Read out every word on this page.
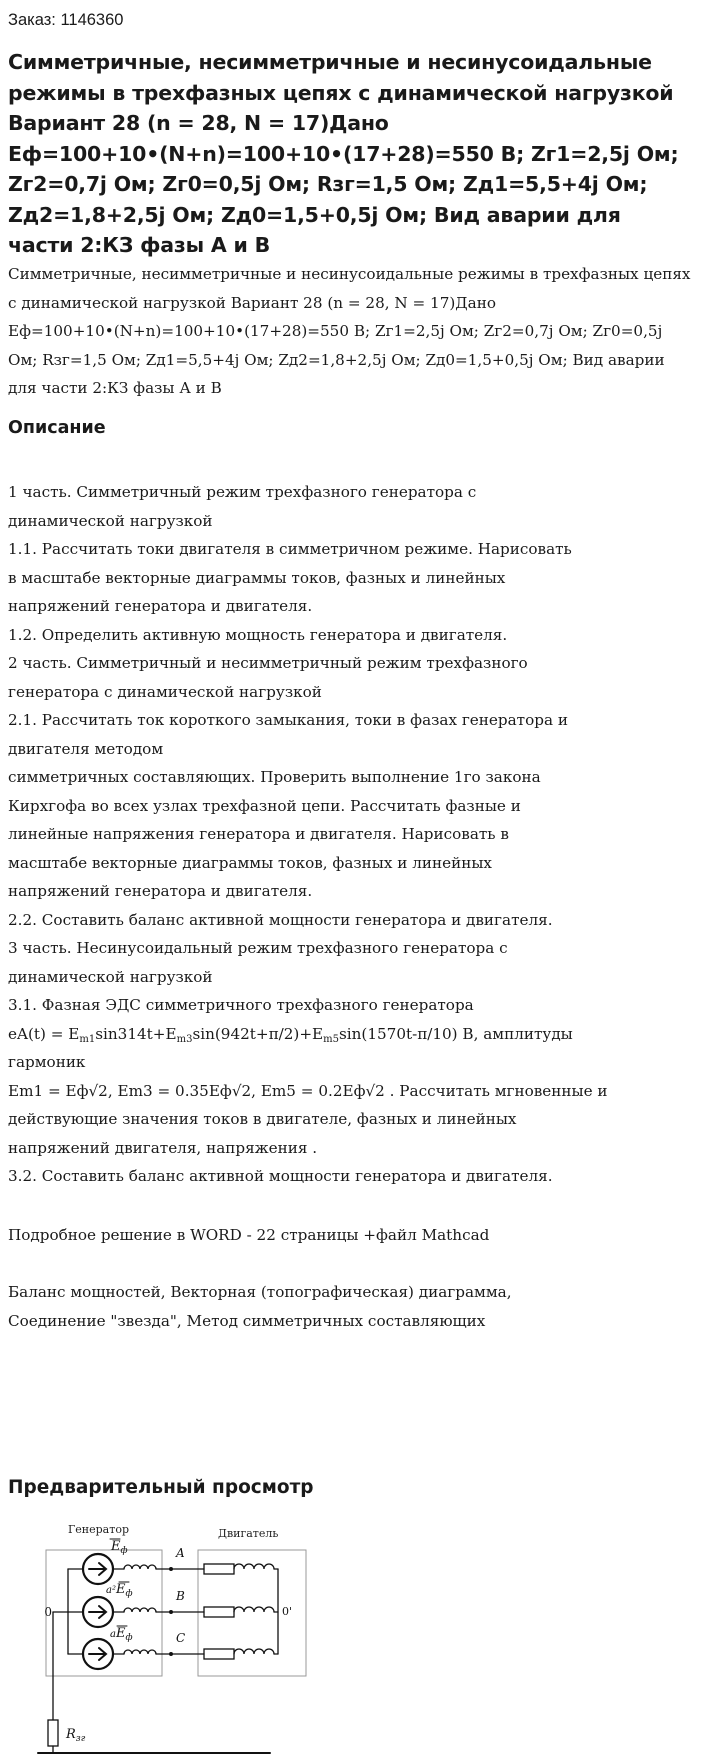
Заказ: 1146360
Симметричные, несимметричные и несинусоидальные режимы в трехфазных цепях с динамической нагрузкой Вариант 28 (n = 28, N = 17)Дано Eф=100+10•(N+n)=100+10•(17+28)=550 B; Zг1=2,5j Ом; Zг2=0,7j Ом; Zг0=0,5j Ом; Rзг=1,5 Ом; Zд1=5,5+4j Ом; Zд2=1,8+2,5j Ом; Zд0=1,5+0,5j Ом; Вид аварии для части 2:КЗ фазы А и В
Симметричные, несимметричные и несинусоидальные режимы в трехфазных цепях с динамической нагрузкой Вариант 28 (n = 28, N = 17)Дано Eф=100+10•(N+n)=100+10•(17+28)=550 B; Zг1=2,5j Ом; Zг2=0,7j Ом; Zг0=0,5j Ом; Rзг=1,5 Ом; Zд1=5,5+4j Ом; Zд2=1,8+2,5j Ом; Zд0=1,5+0,5j Ом; Вид аварии для части 2:КЗ фазы А и В
Описание
1 часть. Симметричный режим трехфазного генератора с
динамической нагрузкой
1.1. Рассчитать токи двигателя в симметричном режиме. Нарисовать
в масштабе векторные диаграммы токов, фазных и линейных
напряжений генератора и двигателя.
1.2. Определить активную мощность генератора и двигателя.
2 часть. Симметричный и несимметричный режим трехфазного
генератора с динамической нагрузкой
2.1. Рассчитать ток короткого замыкания, токи в фазах генератора и
двигателя методом
симметричных составляющих. Проверить выполнение 1го закона
Кирхгофа во всех узлах трехфазной цепи. Рассчитать фазные и
линейные напряжения генератора и двигателя. Нарисовать в
масштабе векторные диаграммы токов, фазных и линейных
напряжений генератора и двигателя.
2.2. Составить баланс активной мощности генератора и двигателя.
3 часть. Несинусоидальный режим трехфазного генератора с
динамической нагрузкой
3.1. Фазная ЭДС симметричного трехфазного генератора
$eA(t) = E_{m1}\sin 314t+E_{m3}\sin(942t+\pi/2)+E_{m5}\sin(1570t-\pi/10)$ B, амплитуды
гармоник
Em1 = Eф√2, Em3 = 0.35Eф√2, Em5 = 0.2Eф√2 . Рассчитать мгновенные и
действующие значения токов в двигателе, фазных и линейных
напряжений двигателя, напряжения .
3.2. Составить баланс активной мощности генератора и двигателя.
Подробное решение в WORD - 22 страницы +файл Mathcad
Баланс мощностей, Векторная (топографическая) диаграмма,
Соединение "звезда", Метод симметричных составляющих
Предварительный просмотр
Генератор	Двигатель
0	0'
$E_ф$	A
$a^2E_ф$	B
$aE_ф$	C
$R_{зг}$
